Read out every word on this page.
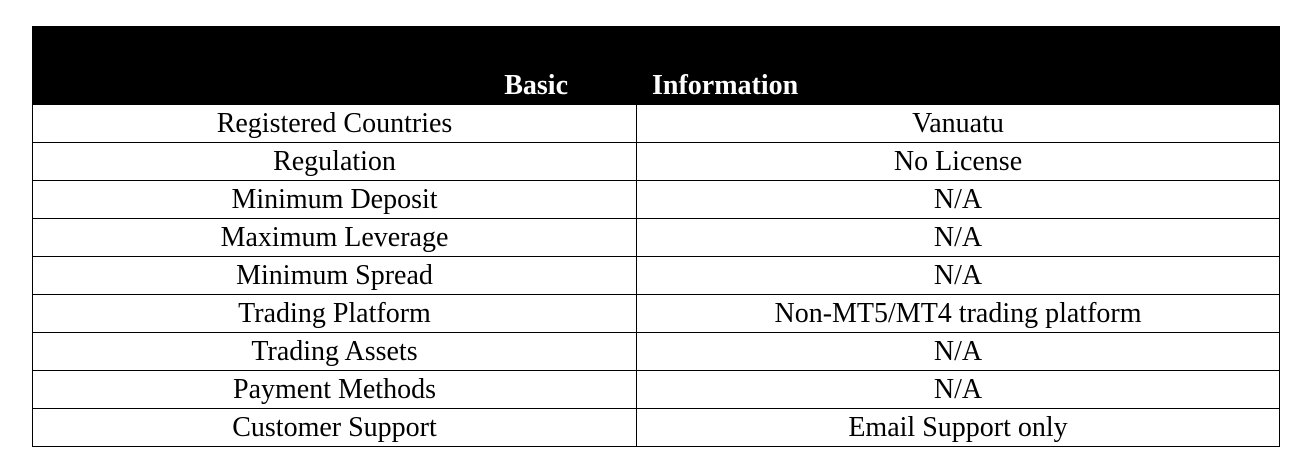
Basic	Information
Registered Countries	Vanuatu
Regulation	No License
Minimum Deposit	N/A
Maximum Leverage	N/A
Minimum Spread	N/A
Trading Platform	Non-MT5/MT4 trading platform
Trading Assets	N/A
Payment Methods	N/A
Customer Support	Email Support only
